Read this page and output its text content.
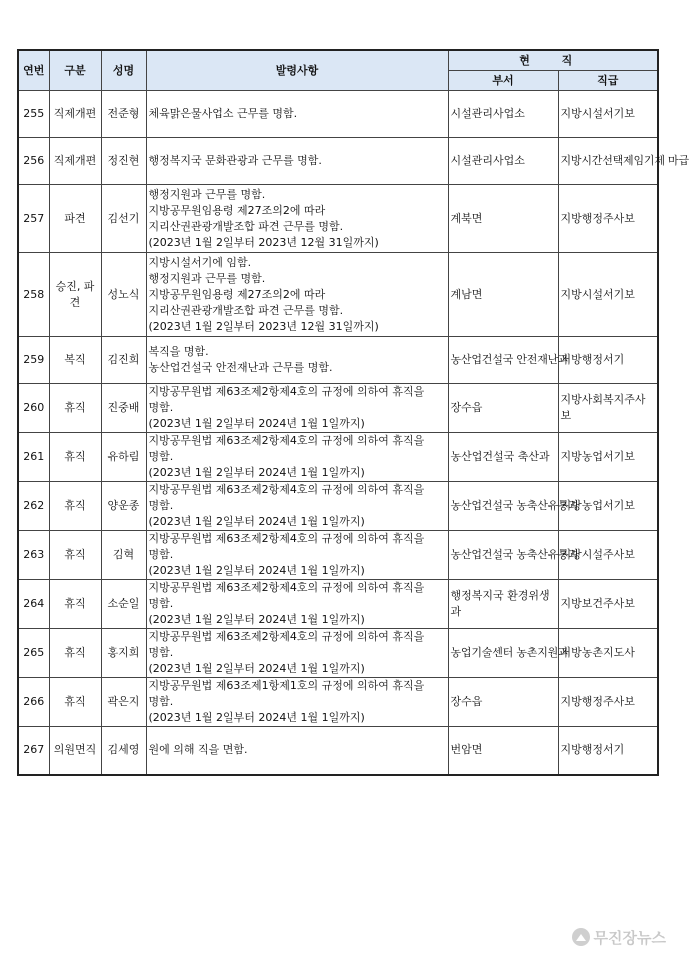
연번	구분	성명	발령사항	현 직	
				부서	직급
255	직제개편	전준형	체육맑은물사업소 근무를 명함.	시설관리사업소	지방시설서기보
256	직제개편	정진현	행정복지국 문화관광과 근무를 명함.	시설관리사업소	지방시간선택제임기제 마급
257	파견	김선기	행정지원과 근무를 명함.
지방공무원임용령 제27조의2에 따라
지리산권관광개발조합 파견 근무를 명함.
(2023년 1월 2일부터 2023년 12월 31일까지)	계북면	지방행정주사보
258	승진, 파견	성노식	지방시설서기에 임함.
행정지원과 근무를 명함.
지방공무원임용령 제27조의2에 따라
지리산권관광개발조합 파견 근무를 명함.
(2023년 1월 2일부터 2023년 12월 31일까지)	계남면	지방시설서기보
259	복직	김진희	복직을 명함.
농산업건설국 안전재난과 근무를 명함.	농산업건설국 안전재난과	지방행정서기
260	휴직	진중배	지방공무원법 제63조제2항제4호의 규정에 의하여 휴직을
명함.
(2023년 1월 2일부터 2024년 1월 1일까지)	장수읍	지방사회복지주사보
261	휴직	유하림	지방공무원법 제63조제2항제4호의 규정에 의하여 휴직을
명함.
(2023년 1월 2일부터 2024년 1월 1일까지)	농산업건설국 축산과	지방농업서기보
262	휴직	양운종	지방공무원법 제63조제2항제4호의 규정에 의하여 휴직을
명함.
(2023년 1월 2일부터 2024년 1월 1일까지)	농산업건설국 농축산유통과	지방농업서기보
263	휴직	김혁	지방공무원법 제63조제2항제4호의 규정에 의하여 휴직을
명함.
(2023년 1월 2일부터 2024년 1월 1일까지)	농산업건설국 농축산유통과	지방시설주사보
264	휴직	소순일	지방공무원법 제63조제2항제4호의 규정에 의하여 휴직을
명함.
(2023년 1월 2일부터 2024년 1월 1일까지)	행정복지국 환경위생과	지방보건주사보
265	휴직	홍지희	지방공무원법 제63조제2항제4호의 규정에 의하여 휴직을
명함.
(2023년 1월 2일부터 2024년 1월 1일까지)	농업기술센터 농촌지원과	지방농촌지도사
266	휴직	곽은지	지방공무원법 제63조제1항제1호의 규정에 의하여 휴직을
명함.
(2023년 1월 2일부터 2024년 1월 1일까지)	장수읍	지방행정주사보
267	의원면직	김세영	원에 의해 직을 면함.	번암면	지방행정서기
무진장뉴스
